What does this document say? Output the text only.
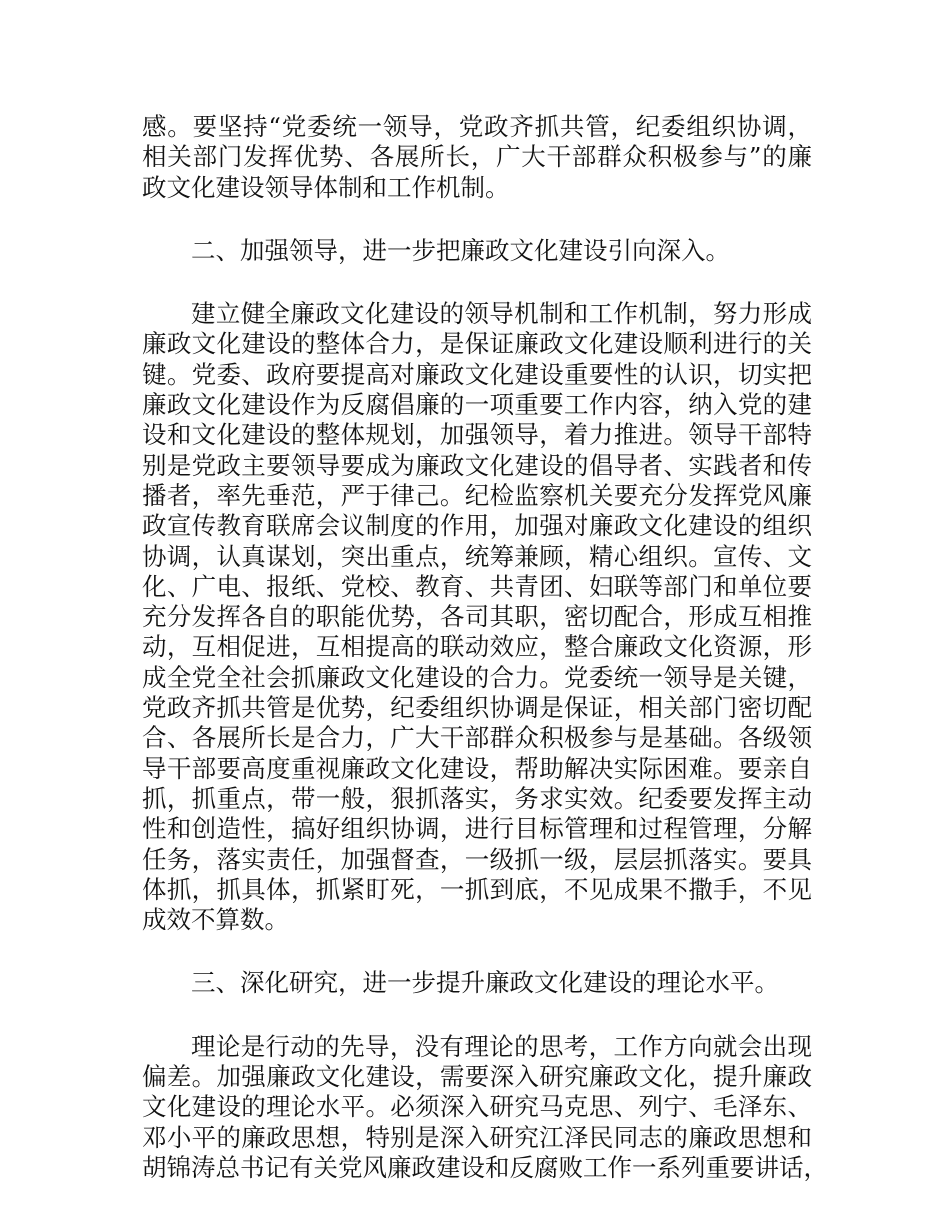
感。要坚持“党委统一领导，党政齐抓共管，纪委组织协调，
相关部门发挥优势、各展所长，广大干部群众积极参与”的廉
政文化建设领导体制和工作机制。
二、加强领导，进一步把廉政文化建设引向深入。
建立健全廉政文化建设的领导机制和工作机制，努力形成
廉政文化建设的整体合力，是保证廉政文化建设顺利进行的关
键。党委、政府要提高对廉政文化建设重要性的认识，切实把
廉政文化建设作为反腐倡廉的一项重要工作内容，纳入党的建
设和文化建设的整体规划，加强领导，着力推进。领导干部特
别是党政主要领导要成为廉政文化建设的倡导者、实践者和传
播者，率先垂范，严于律己。纪检监察机关要充分发挥党风廉
政宣传教育联席会议制度的作用，加强对廉政文化建设的组织
协调，认真谋划，突出重点，统筹兼顾，精心组织。宣传、文
化、广电、报纸、党校、教育、共青团、妇联等部门和单位要
充分发挥各自的职能优势，各司其职，密切配合，形成互相推
动，互相促进，互相提高的联动效应，整合廉政文化资源，形
成全党全社会抓廉政文化建设的合力。党委统一领导是关键，
党政齐抓共管是优势，纪委组织协调是保证，相关部门密切配
合、各展所长是合力，广大干部群众积极参与是基础。各级领
导干部要高度重视廉政文化建设，帮助解决实际困难。要亲自
抓，抓重点，带一般，狠抓落实，务求实效。纪委要发挥主动
性和创造性，搞好组织协调，进行目标管理和过程管理，分解
任务，落实责任，加强督查，一级抓一级，层层抓落实。要具
体抓，抓具体，抓紧盯死，一抓到底，不见成果不撒手，不见
成效不算数。
三、深化研究，进一步提升廉政文化建设的理论水平。
理论是行动的先导，没有理论的思考，工作方向就会出现
偏差。加强廉政文化建设，需要深入研究廉政文化，提升廉政
文化建设的理论水平。必须深入研究马克思、列宁、毛泽东、
邓小平的廉政思想，特别是深入研究江泽民同志的廉政思想和
胡锦涛总书记有关党风廉政建设和反腐败工作一系列重要讲话，
